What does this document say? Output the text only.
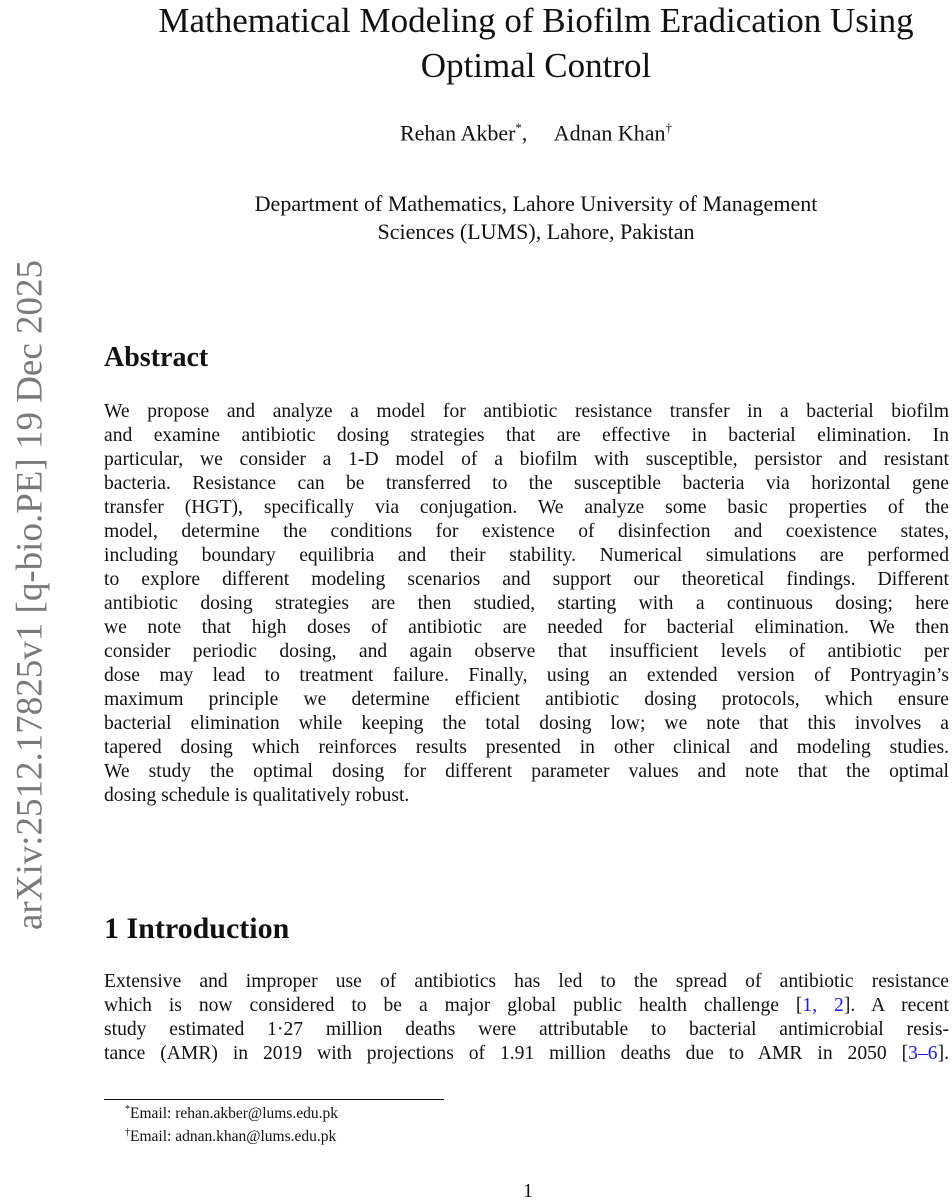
arXiv:2512.17825v1 [q-bio.PE] 19 Dec 2025
Mathematical Modeling of Biofilm Eradication Using
Optimal Control
Rehan Akber*,     Adnan Khan†
Department of Mathematics, Lahore University of Management
Sciences (LUMS), Lahore, Pakistan
Abstract
We propose and analyze a model for antibiotic resistance transfer in a bacterial biofilm
and examine antibiotic dosing strategies that are effective in bacterial elimination. In
particular, we consider a 1-D model of a biofilm with susceptible, persistor and resistant
bacteria. Resistance can be transferred to the susceptible bacteria via horizontal gene
transfer (HGT), specifically via conjugation. We analyze some basic properties of the
model, determine the conditions for existence of disinfection and coexistence states,
including boundary equilibria and their stability. Numerical simulations are performed
to explore different modeling scenarios and support our theoretical findings. Different
antibiotic dosing strategies are then studied, starting with a continuous dosing; here
we note that high doses of antibiotic are needed for bacterial elimination. We then
consider periodic dosing, and again observe that insufficient levels of antibiotic per
dose may lead to treatment failure. Finally, using an extended version of Pontryagin’s
maximum principle we determine efficient antibiotic dosing protocols, which ensure
bacterial elimination while keeping the total dosing low; we note that this involves a
tapered dosing which reinforces results presented in other clinical and modeling studies.
We study the optimal dosing for different parameter values and note that the optimal
dosing schedule is qualitatively robust.
1 Introduction
Extensive and improper use of antibiotics has led to the spread of antibiotic resistance
which is now considered to be a major global public health challenge [1, 2]. A recent
study estimated 1·27 million deaths were attributable to bacterial antimicrobial resis-
tance (AMR) in 2019 with projections of 1.91 million deaths due to AMR in 2050 [3–6].
*Email: rehan.akber@lums.edu.pk
†Email: adnan.khan@lums.edu.pk
1
